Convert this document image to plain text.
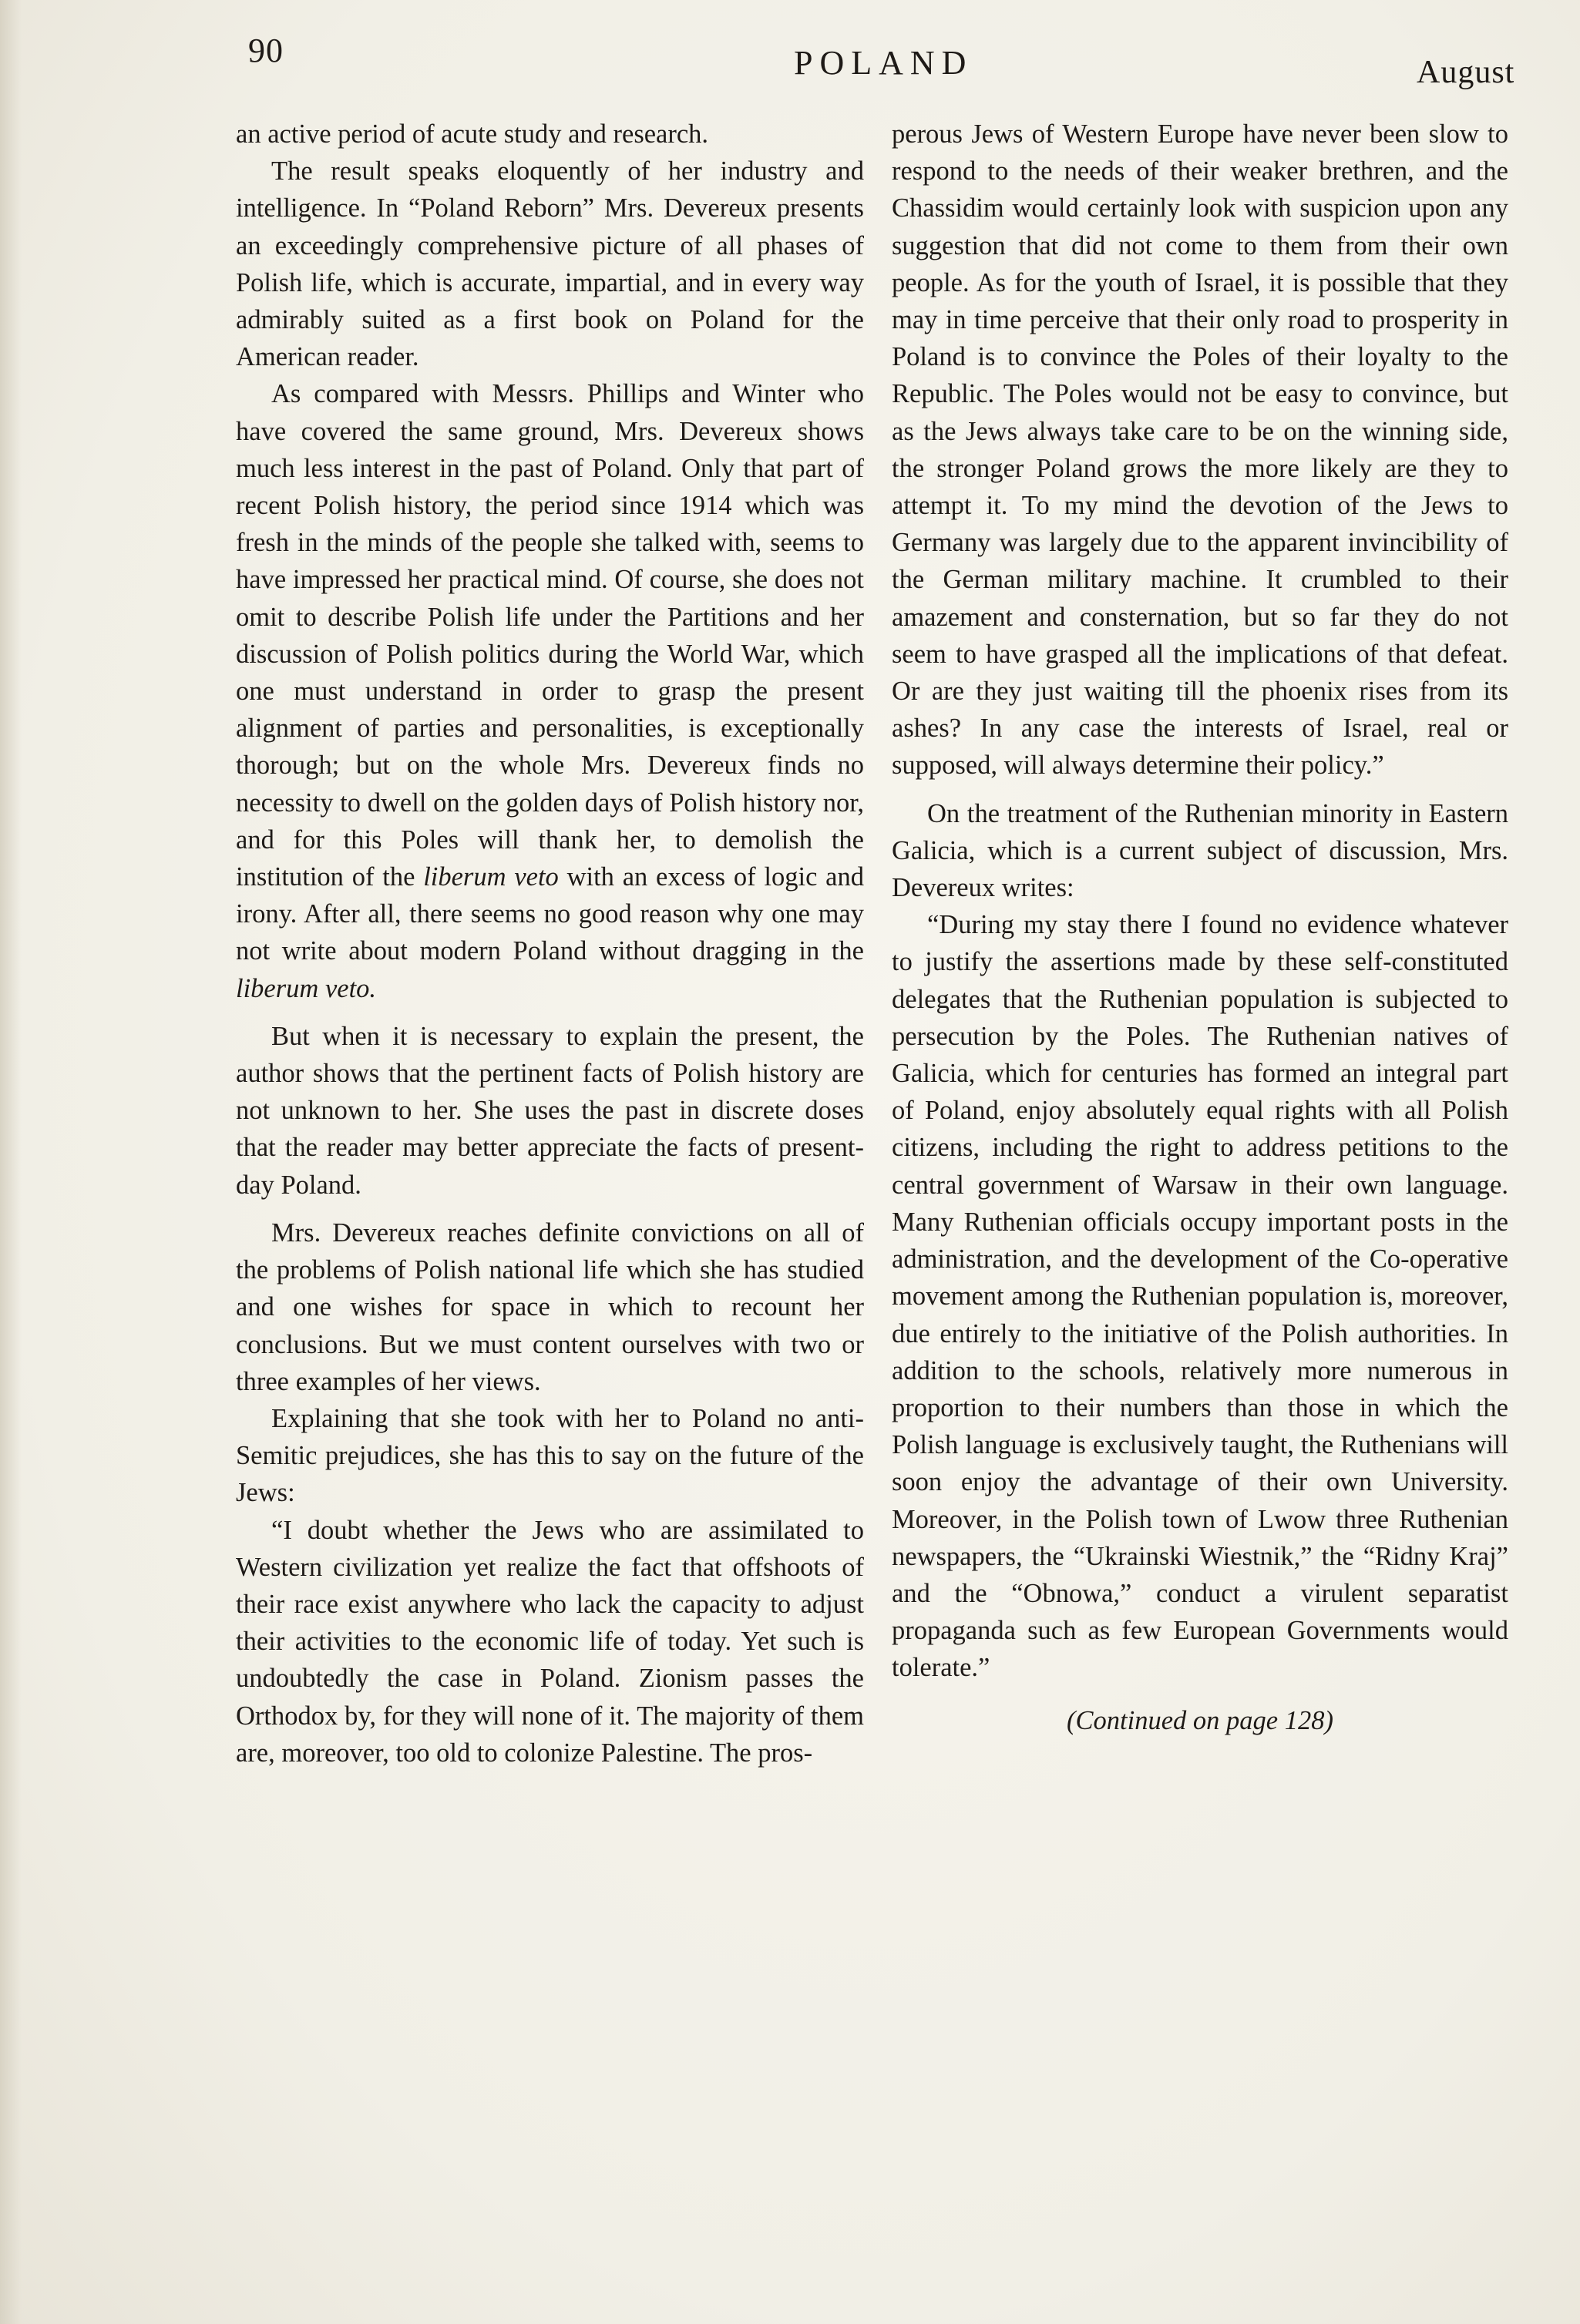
90	POLAND	August

an active period of acute study and research.

The result speaks eloquently of her industry and intelligence. In “Poland Reborn” Mrs. Devereux presents an exceedingly comprehensive picture of all phases of Polish life, which is accurate, impartial, and in every way admirably suited as a first book on Poland for the American reader.

As compared with Messrs. Phillips and Winter who have covered the same ground, Mrs. Devereux shows much less interest in the past of Poland. Only that part of recent Polish history, the period since 1914 which was fresh in the minds of the people she talked with, seems to have impressed her practical mind. Of course, she does not omit to describe Polish life under the Partitions and her discussion of Polish politics during the World War, which one must understand in order to grasp the present alignment of parties and personalities, is exceptionally thorough; but on the whole Mrs. Devereux finds no necessity to dwell on the golden days of Polish history nor, and for this Poles will thank her, to demolish the institution of the liberum veto with an excess of logic and irony. After all, there seems no good reason why one may not write about modern Poland without dragging in the liberum veto.

But when it is necessary to explain the present, the author shows that the pertinent facts of Polish history are not unknown to her. She uses the past in discrete doses that the reader may better appreciate the facts of present-day Poland.

Mrs. Devereux reaches definite convictions on all of the problems of Polish national life which she has studied and one wishes for space in which to recount her conclusions. But we must content ourselves with two or three examples of her views.

Explaining that she took with her to Poland no anti-Semitic prejudices, she has this to say on the future of the Jews:

“I doubt whether the Jews who are assimilated to Western civilization yet realize the fact that offshoots of their race exist anywhere who lack the capacity to adjust their activities to the economic life of today. Yet such is undoubtedly the case in Poland. Zionism passes the Orthodox by, for they will none of it. The majority of them are, moreover, too old to colonize Palestine. The pros-

perous Jews of Western Europe have never been slow to respond to the needs of their weaker brethren, and the Chassidim would certainly look with suspicion upon any suggestion that did not come to them from their own people. As for the youth of Israel, it is possible that they may in time perceive that their only road to prosperity in Poland is to convince the Poles of their loyalty to the Republic. The Poles would not be easy to convince, but as the Jews always take care to be on the winning side, the stronger Poland grows the more likely are they to attempt it. To my mind the devotion of the Jews to Germany was largely due to the apparent invincibility of the German military machine. It crumbled to their amazement and consternation, but so far they do not seem to have grasped all the implications of that defeat. Or are they just waiting till the phoenix rises from its ashes? In any case the interests of Israel, real or supposed, will always determine their policy.”

On the treatment of the Ruthenian minority in Eastern Galicia, which is a current subject of discussion, Mrs. Devereux writes:

“During my stay there I found no evidence whatever to justify the assertions made by these self-constituted delegates that the Ruthenian population is subjected to persecution by the Poles. The Ruthenian natives of Galicia, which for centuries has formed an integral part of Poland, enjoy absolutely equal rights with all Polish citizens, including the right to address petitions to the central government of Warsaw in their own language. Many Ruthenian officials occupy important posts in the administration, and the development of the Co-operative movement among the Ruthenian population is, moreover, due entirely to the initiative of the Polish authorities. In addition to the schools, relatively more numerous in proportion to their numbers than those in which the Polish language is exclusively taught, the Ruthenians will soon enjoy the advantage of their own University. Moreover, in the Polish town of Lwow three Ruthenian newspapers, the “Ukrainski Wiestnik,” the “Ridny Kraj” and the “Obnowa,” conduct a virulent separatist propaganda such as few European Governments would tolerate.”

(Continued on page 128)
